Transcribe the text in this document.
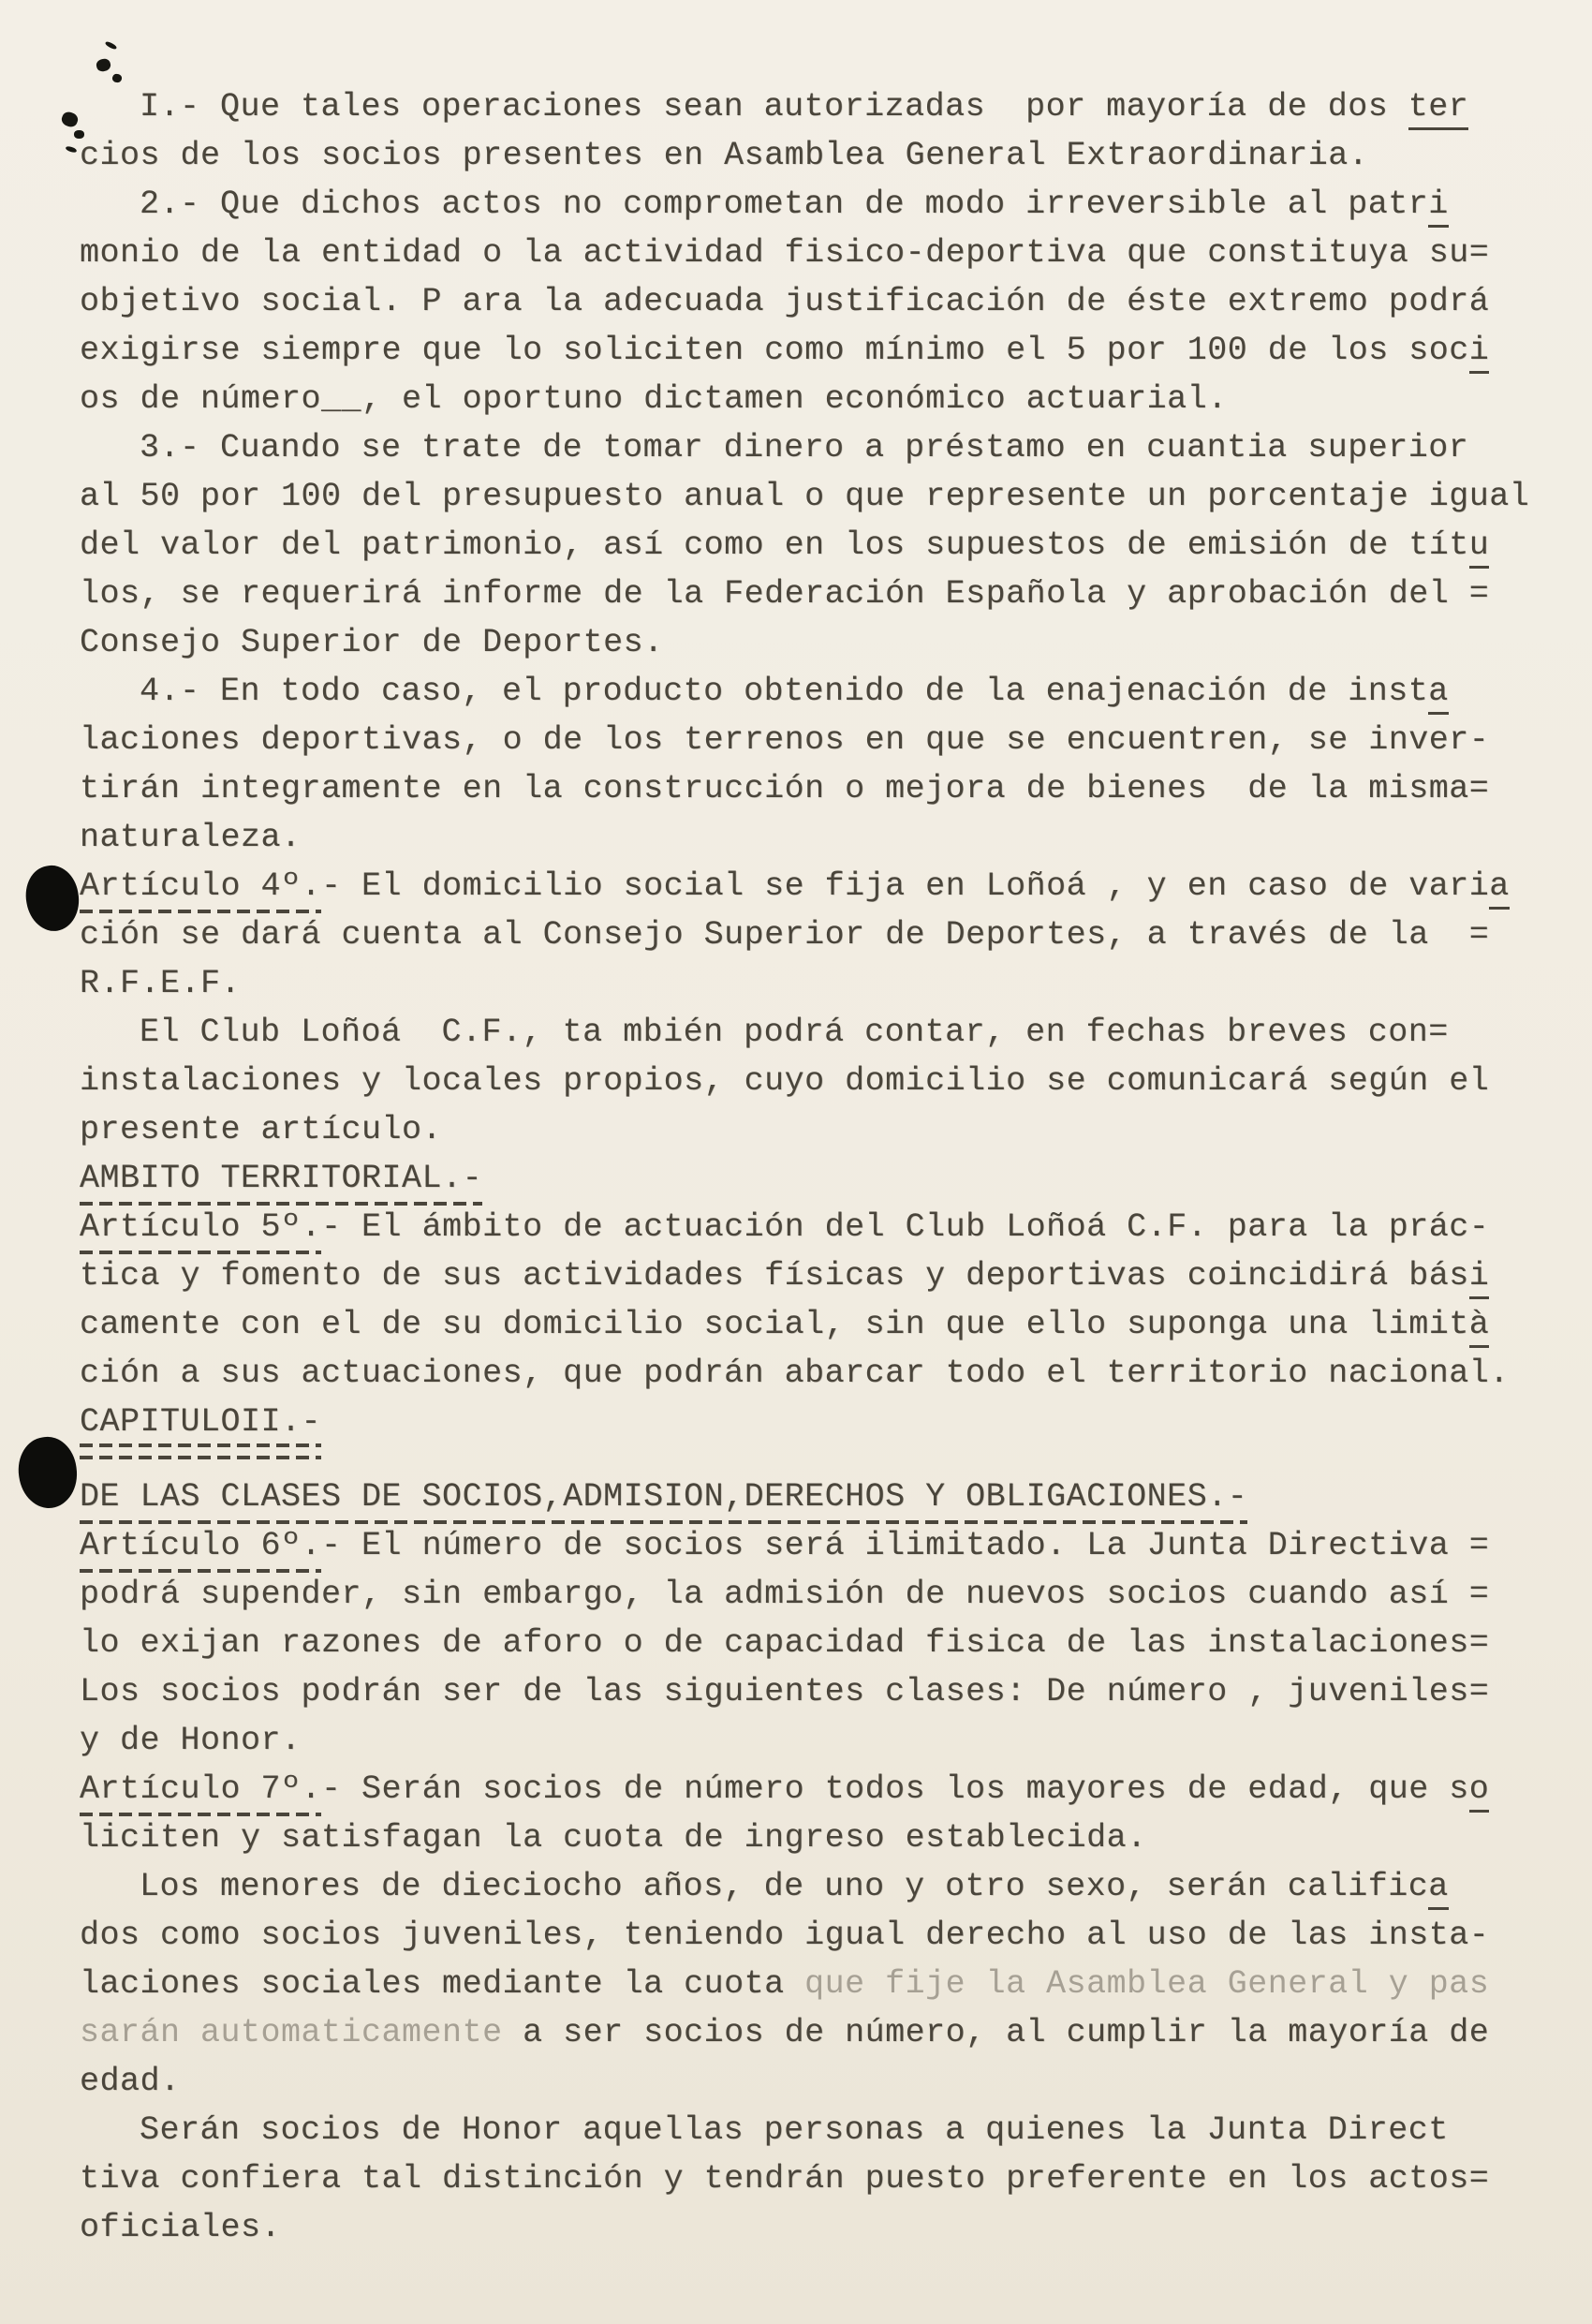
I.- Que tales operaciones sean autorizadas  por mayoría de dos ter
cios de los socios presentes en Asamblea General Extraordinaria.
2.- Que dichos actos no comprometan de modo irreversible al patri
monio de la entidad o la actividad fisico-deportiva que constituya su=
objetivo social. P ara la adecuada justificación de éste extremo podrá
exigirse siempre que lo soliciten como mínimo el 5 por 100 de los soci
os de número__, el oportuno dictamen económico actuarial.
3.- Cuando se trate de tomar dinero a préstamo en cuantia superior
al 50 por 100 del presupuesto anual o que represente un porcentaje igual
del valor del patrimonio, así como en los supuestos de emisión de títu
los, se requerirá informe de la Federación Española y aprobación del =
Consejo Superior de Deportes.
4.- En todo caso, el producto obtenido de la enajenación de insta
laciones deportivas, o de los terrenos en que se encuentren, se inver-
tirán integramente en la construcción o mejora de bienes  de la misma=
naturaleza.
Artículo 4º.- El domicilio social se fija en Loñoá , y en caso de varia
ción se dará cuenta al Consejo Superior de Deportes, a través de la  =
R.F.E.F.
El Club Loñoá  C.F., ta mbién podrá contar, en fechas breves con=
instalaciones y locales propios, cuyo domicilio se comunicará según el
presente artículo.
AMBITO TERRITORIAL.-
Artículo 5º.- El ámbito de actuación del Club Loñoá C.F. para la prác-
tica y fomento de sus actividades físicas y deportivas coincidirá bási
camente con el de su domicilio social, sin que ello suponga una limità
ción a sus actuaciones, que podrán abarcar todo el territorio nacional.
CAPITULOII.-
DE LAS CLASES DE SOCIOS,ADMISION,DERECHOS Y OBLIGACIONES.-
Artículo 6º.- El número de socios será ilimitado. La Junta Directiva =
podrá supender, sin embargo, la admisión de nuevos socios cuando así =
lo exijan razones de aforo o de capacidad fisica de las instalaciones=
Los socios podrán ser de las siguientes clases: De número , juveniles=
y de Honor.
Artículo 7º.- Serán socios de número todos los mayores de edad, que so
liciten y satisfagan la cuota de ingreso establecida.
Los menores de dieciocho años, de uno y otro sexo, serán califica
dos como socios juveniles, teniendo igual derecho al uso de las insta-
laciones sociales mediante la cuota que fije la Asamblea General y pas
sarán automaticamente a ser socios de número, al cumplir la mayoría de
edad.
Serán socios de Honor aquellas personas a quienes la Junta Direct
tiva confiera tal distinción y tendrán puesto preferente en los actos=
oficiales.
